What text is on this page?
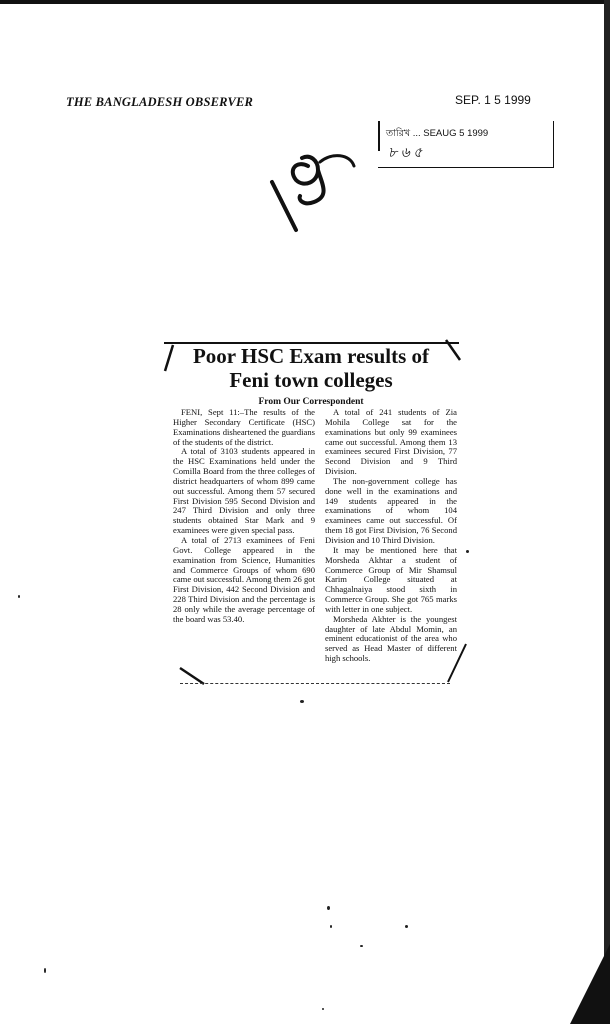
THE BANGLADESH OBSERVER	SEP. 1 5 1999
তারিখ ... SEAUG 5 1999
৮ ৬ ৫
Poor HSC Exam results of
Feni town colleges
From Our Correspondent

FENI, Sept 11:–The results of the Higher Secondary Certificate (HSC) Examinations disheartened the guardians of the students of the district.

A total of 3103 students appeared in the HSC Examinations held under the Comilla Board from the three colleges of district headquarters of whom 899 came out successful. Among them 57 secured First Division 595 Second Division and 247 Third Division and only three students obtained Star Mark and 9 examinees were given special pass.

A total of 2713 examinees of Feni Govt. College appeared in the examination from Science, Humanities and Commerce Groups of whom 690 came out successful. Among them 26 got First Division, 442 Second Division and 228 Third Division and the percentage is 28 only while the average percentage of the board was 53.40.

A total of 241 students of Zia Mohila College sat for the examinations but only 99 examinees came out successful. Among them 13 examinees secured First Division, 77 Second Division and 9 Third Division.

The non-government college has done well in the examinations and 149 students appeared in the examinations of whom 104 examinees came out successful. Of them 18 got First Division, 76 Second Division and 10 Third Division.

It may be mentioned here that Morsheda Akhtar a student of Commerce Group of Mir Shamsul Karim College situated at Chhagalnaiya stood sixth in Commerce Group. She got 765 marks with letter in one subject.

Morsheda Akhter is the youngest daughter of late Abdul Momin, an eminent educationist of the area who served as Head Master of different high schools.
